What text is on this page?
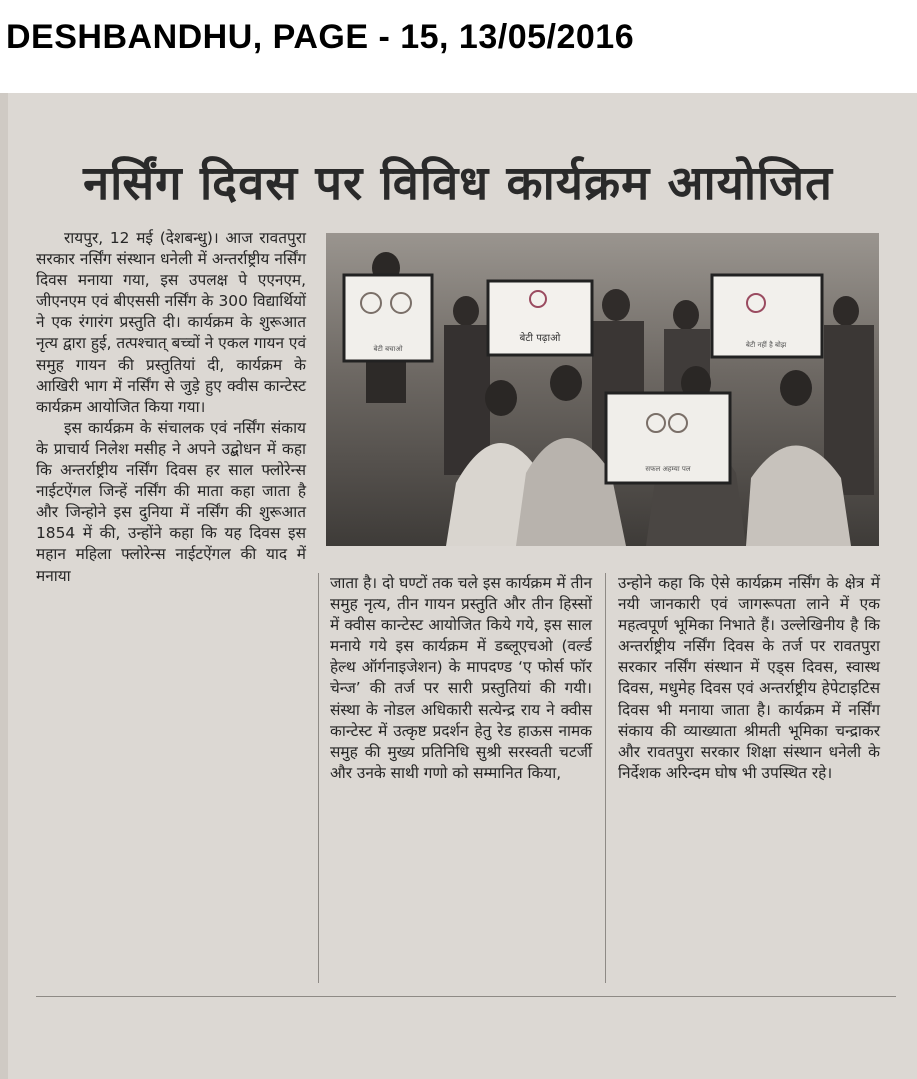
DESHBANDHU, PAGE - 15, 13/05/2016
नर्सिंग दिवस पर विविध कार्यक्रम आयोजित
बेटी बचाओ
बेटी पढ़ाओ
बेटी नहीं है बोझ
सफल अहम्या पल

रायपुर, 12 मई (देशबन्धु)। आज रावतपुरा सरकार नर्सिंग संस्थान धनेली में अन्तर्राष्ट्रीय नर्सिंग दिवस मनाया गया, इस उपलक्ष पे एएनएम, जीएनएम एवं बीएससी नर्सिंग के 300 विद्यार्थियों ने एक रंगारंग प्रस्तुति दी। कार्यक्रम के शुरूआत नृत्य द्वारा हुई, तत्पश्चात् बच्चों ने एकल गायन एवं समुह गायन की प्रस्तुतियां दी, कार्यक्रम के आखिरी भाग में नर्सिंग से जुड़े हुए क्वीस कान्टेस्ट कार्यक्रम आयोजित किया गया।

इस कार्यक्रम के संचालक एवं नर्सिंग संकाय के प्राचार्य निलेश मसीह ने अपने उद्बोधन में कहा कि अन्तर्राष्ट्रीय नर्सिंग दिवस हर साल फ्लोरेन्स नाईटऐंगल जिन्हें नर्सिंग की माता कहा जाता है और जिन्होने इस दुनिया में नर्सिंग की शुरूआत 1854 में की, उन्होंने कहा कि यह दिवस इस महान महिला फ्लोरेन्स नाईटऐंगल की याद में मनाया	जाता है। दो घण्टों तक चले इस कार्यक्रम में तीन समुह नृत्य, तीन गायन प्रस्तुति और तीन हिस्सों में क्वीस कान्टेस्ट आयोजित किये गये, इस साल मनाये गये इस कार्यक्रम में डब्लूएचओ (वर्ल्ड हेल्थ ऑर्गनाइजेशन) के मापदण्ड ‘ए फोर्स फॉर चेन्ज’ की तर्ज पर सारी प्रस्तुतियां की गयी। संस्था के नोडल अधिकारी सत्येन्द्र राय ने क्वीस कान्टेस्ट में उत्कृष्ट प्रदर्शन हेतु रेड हाऊस नामक समुह की मुख्य प्रतिनिधि सुश्री सरस्वती चटर्जी और उनके साथी गणो को सम्मानित किया,

उन्होने कहा कि ऐसे कार्यक्रम नर्सिंग के क्षेत्र में नयी जानकारी एवं जागरूपता लाने में एक महत्वपूर्ण भूमिका निभाते हैं। उल्लेखिनीय है कि अन्तर्राष्ट्रीय नर्सिंग दिवस के तर्ज पर रावतपुरा सरकार नर्सिंग संस्थान में एड्स दिवस, स्वास्थ दिवस, मधुमेह दिवस एवं अन्तर्राष्ट्रीय हेपेटाइटिस दिवस भी मनाया जाता है। कार्यक्रम में नर्सिंग संकाय की व्याख्याता श्रीमती भूमिका चन्द्राकर और रावतपुरा सरकार शिक्षा संस्थान धनेली के निर्देशक अरिन्दम घोष भी उपस्थित रहे।
